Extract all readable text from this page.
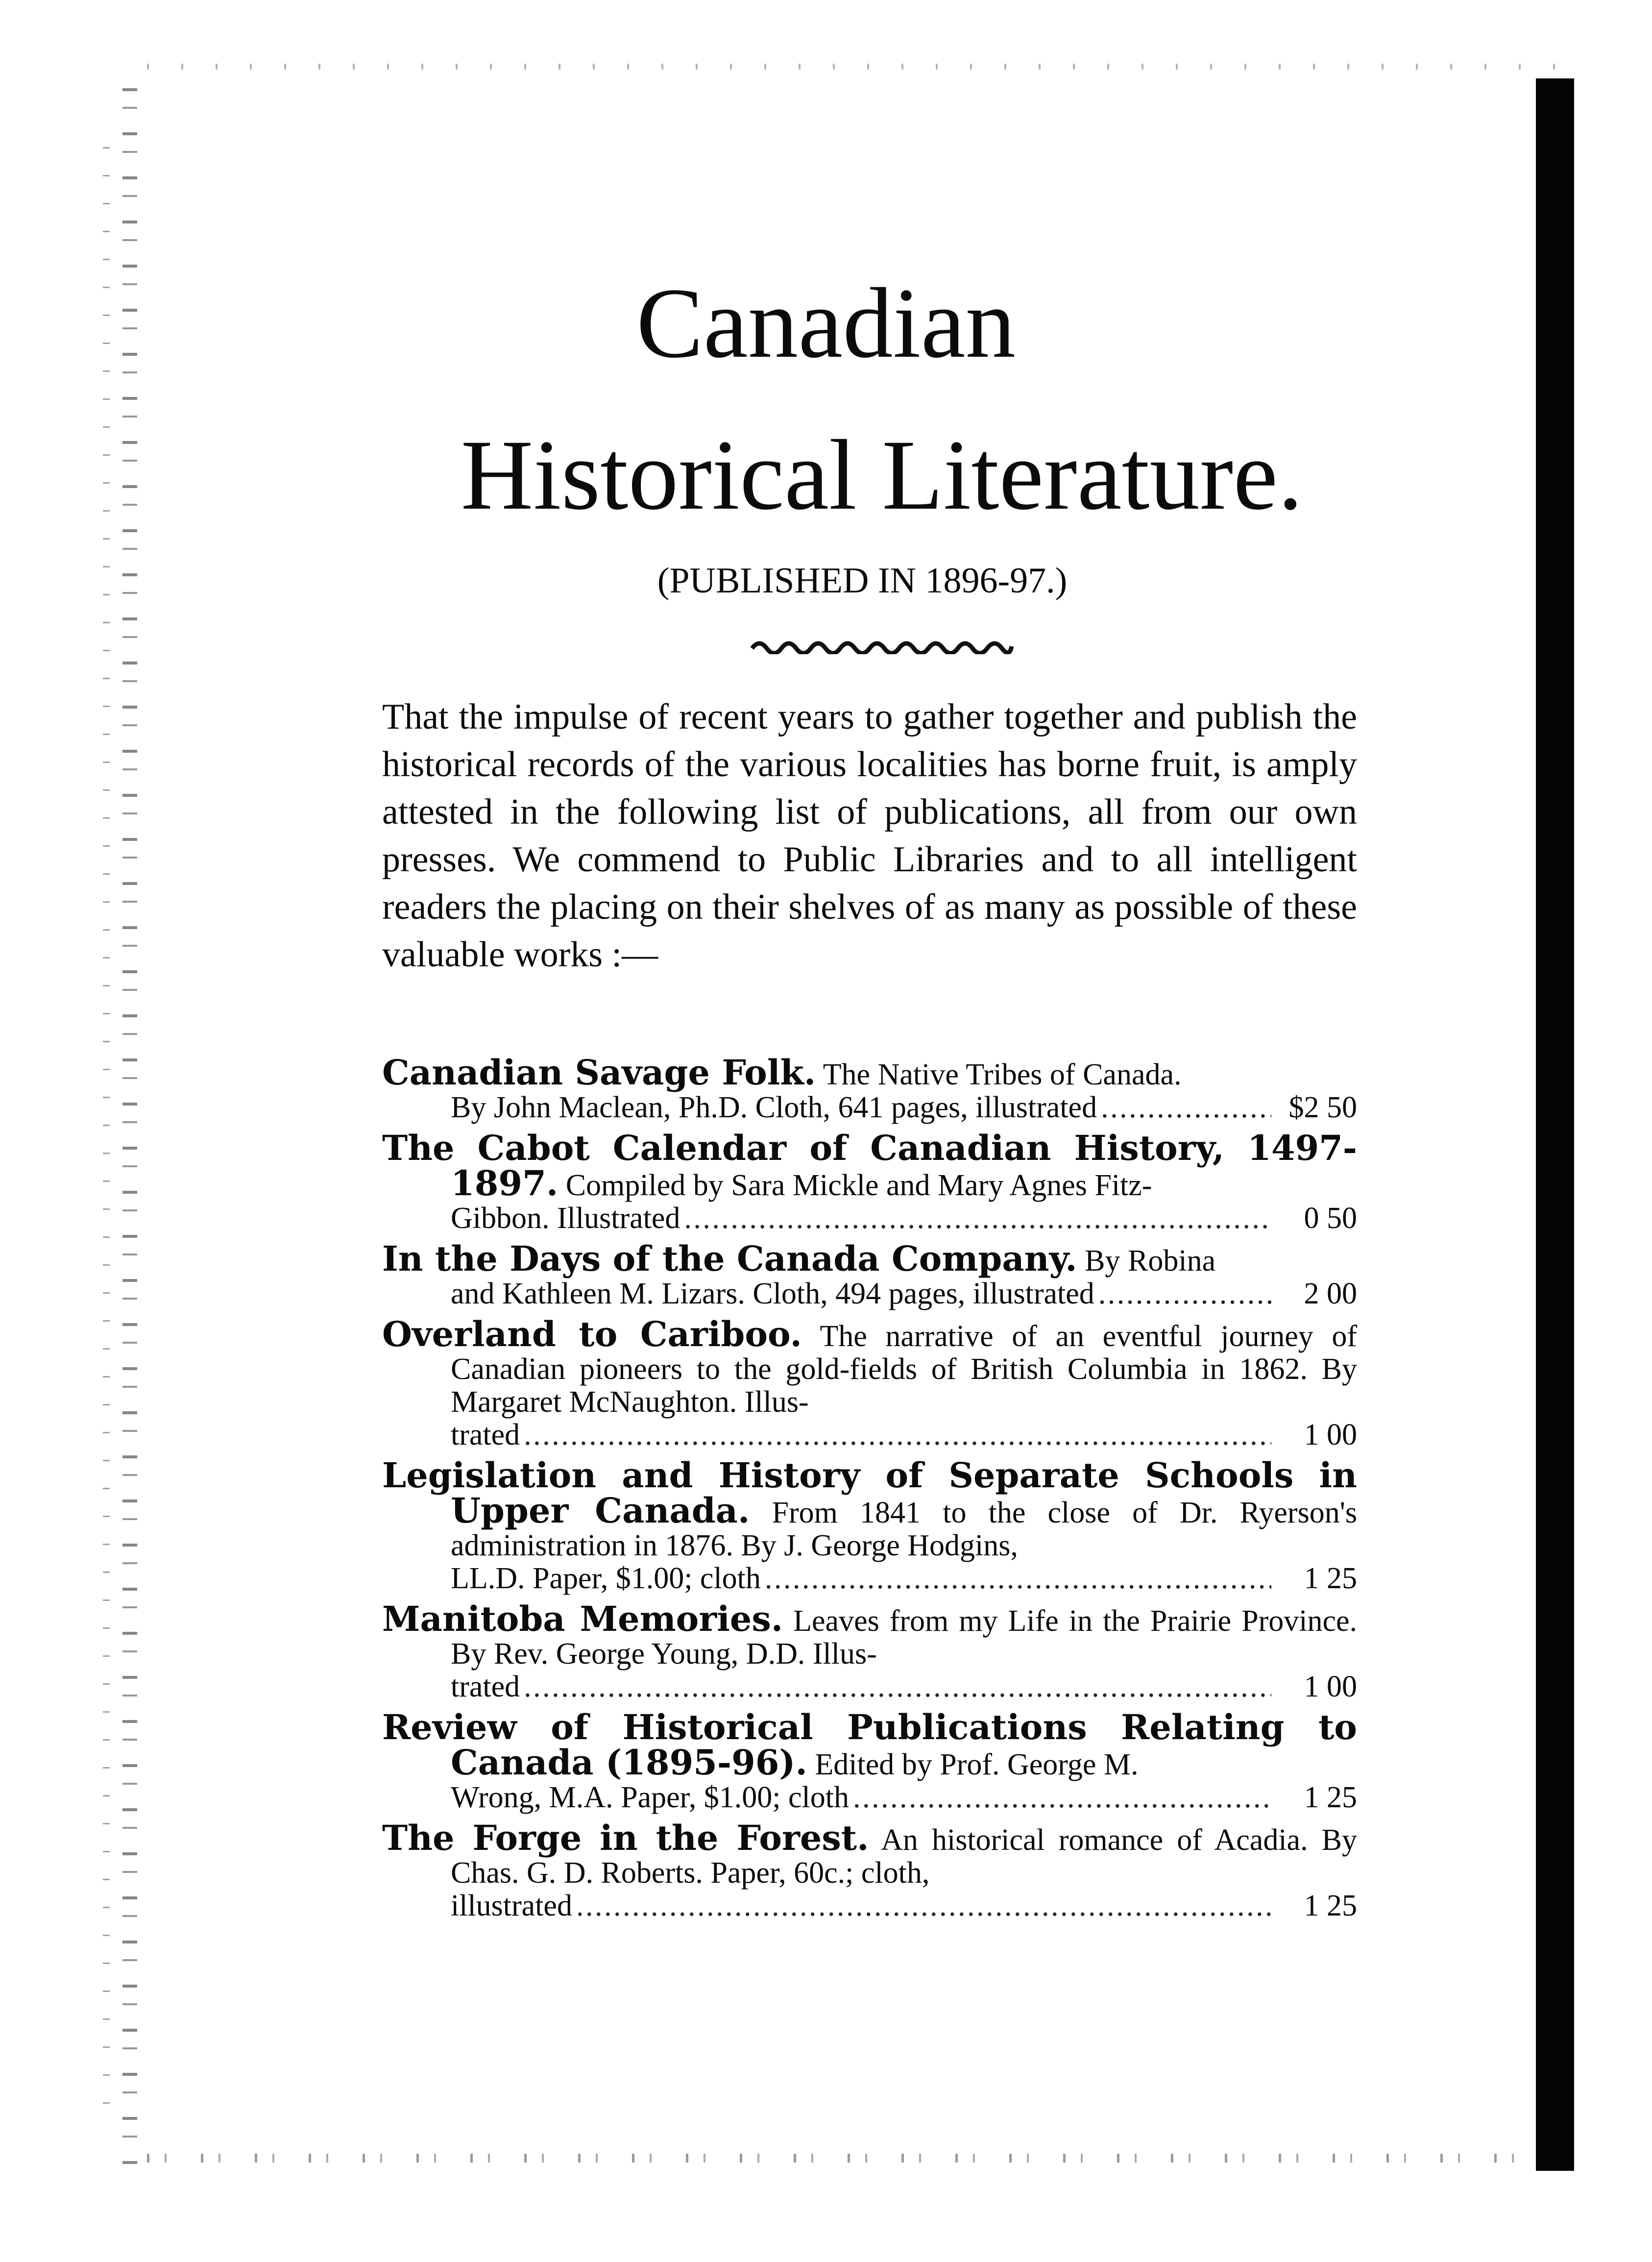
Canadian
Historical Literature.
(PUBLISHED IN 1896-97.)
That the impulse of recent years to gather together and publish the historical records of the various localities has borne fruit, is amply attested in the following list of publications, all from our own presses. We commend to Public Libraries and to all intelligent readers the placing on their shelves of as many as possible of these valuable works :—
Canadian Savage Folk. The Native Tribes of Canada.
By John Maclean, Ph.D. Cloth, 641 pages, illustrated . . .	$2 50
The Cabot Calendar of Canadian History, 1497-1897. Compiled by Sara Mickle and Mary Agnes Fitz-
Gibbon. Illustrated . . .	0 50
In the Days of the Canada Company. By Robina
and Kathleen M. Lizars. Cloth, 494 pages, illustrated . . .	2 00
Overland to Cariboo. The narrative of an eventful journey of Canadian pioneers to the gold-fields of British Columbia in 1862. By Margaret McNaughton. Illus-
trated . . .	1 00
Legislation and History of Separate Schools in Upper Canada. From 1841 to the close of Dr. Ryerson's administration in 1876. By J. George Hodgins,
LL.D. Paper, $1.00; cloth . . .	1 25
Manitoba Memories. Leaves from my Life in the Prairie Province. By Rev. George Young, D.D. Illus-
trated . . .	1 00
Review of Historical Publications Relating to Canada (1895-96). Edited by Prof. George M.
Wrong, M.A. Paper, $1.00; cloth . . .	1 25
The Forge in the Forest. An historical romance of Acadia. By Chas. G. D. Roberts. Paper, 60c.; cloth,
illustrated . . .	1 25
